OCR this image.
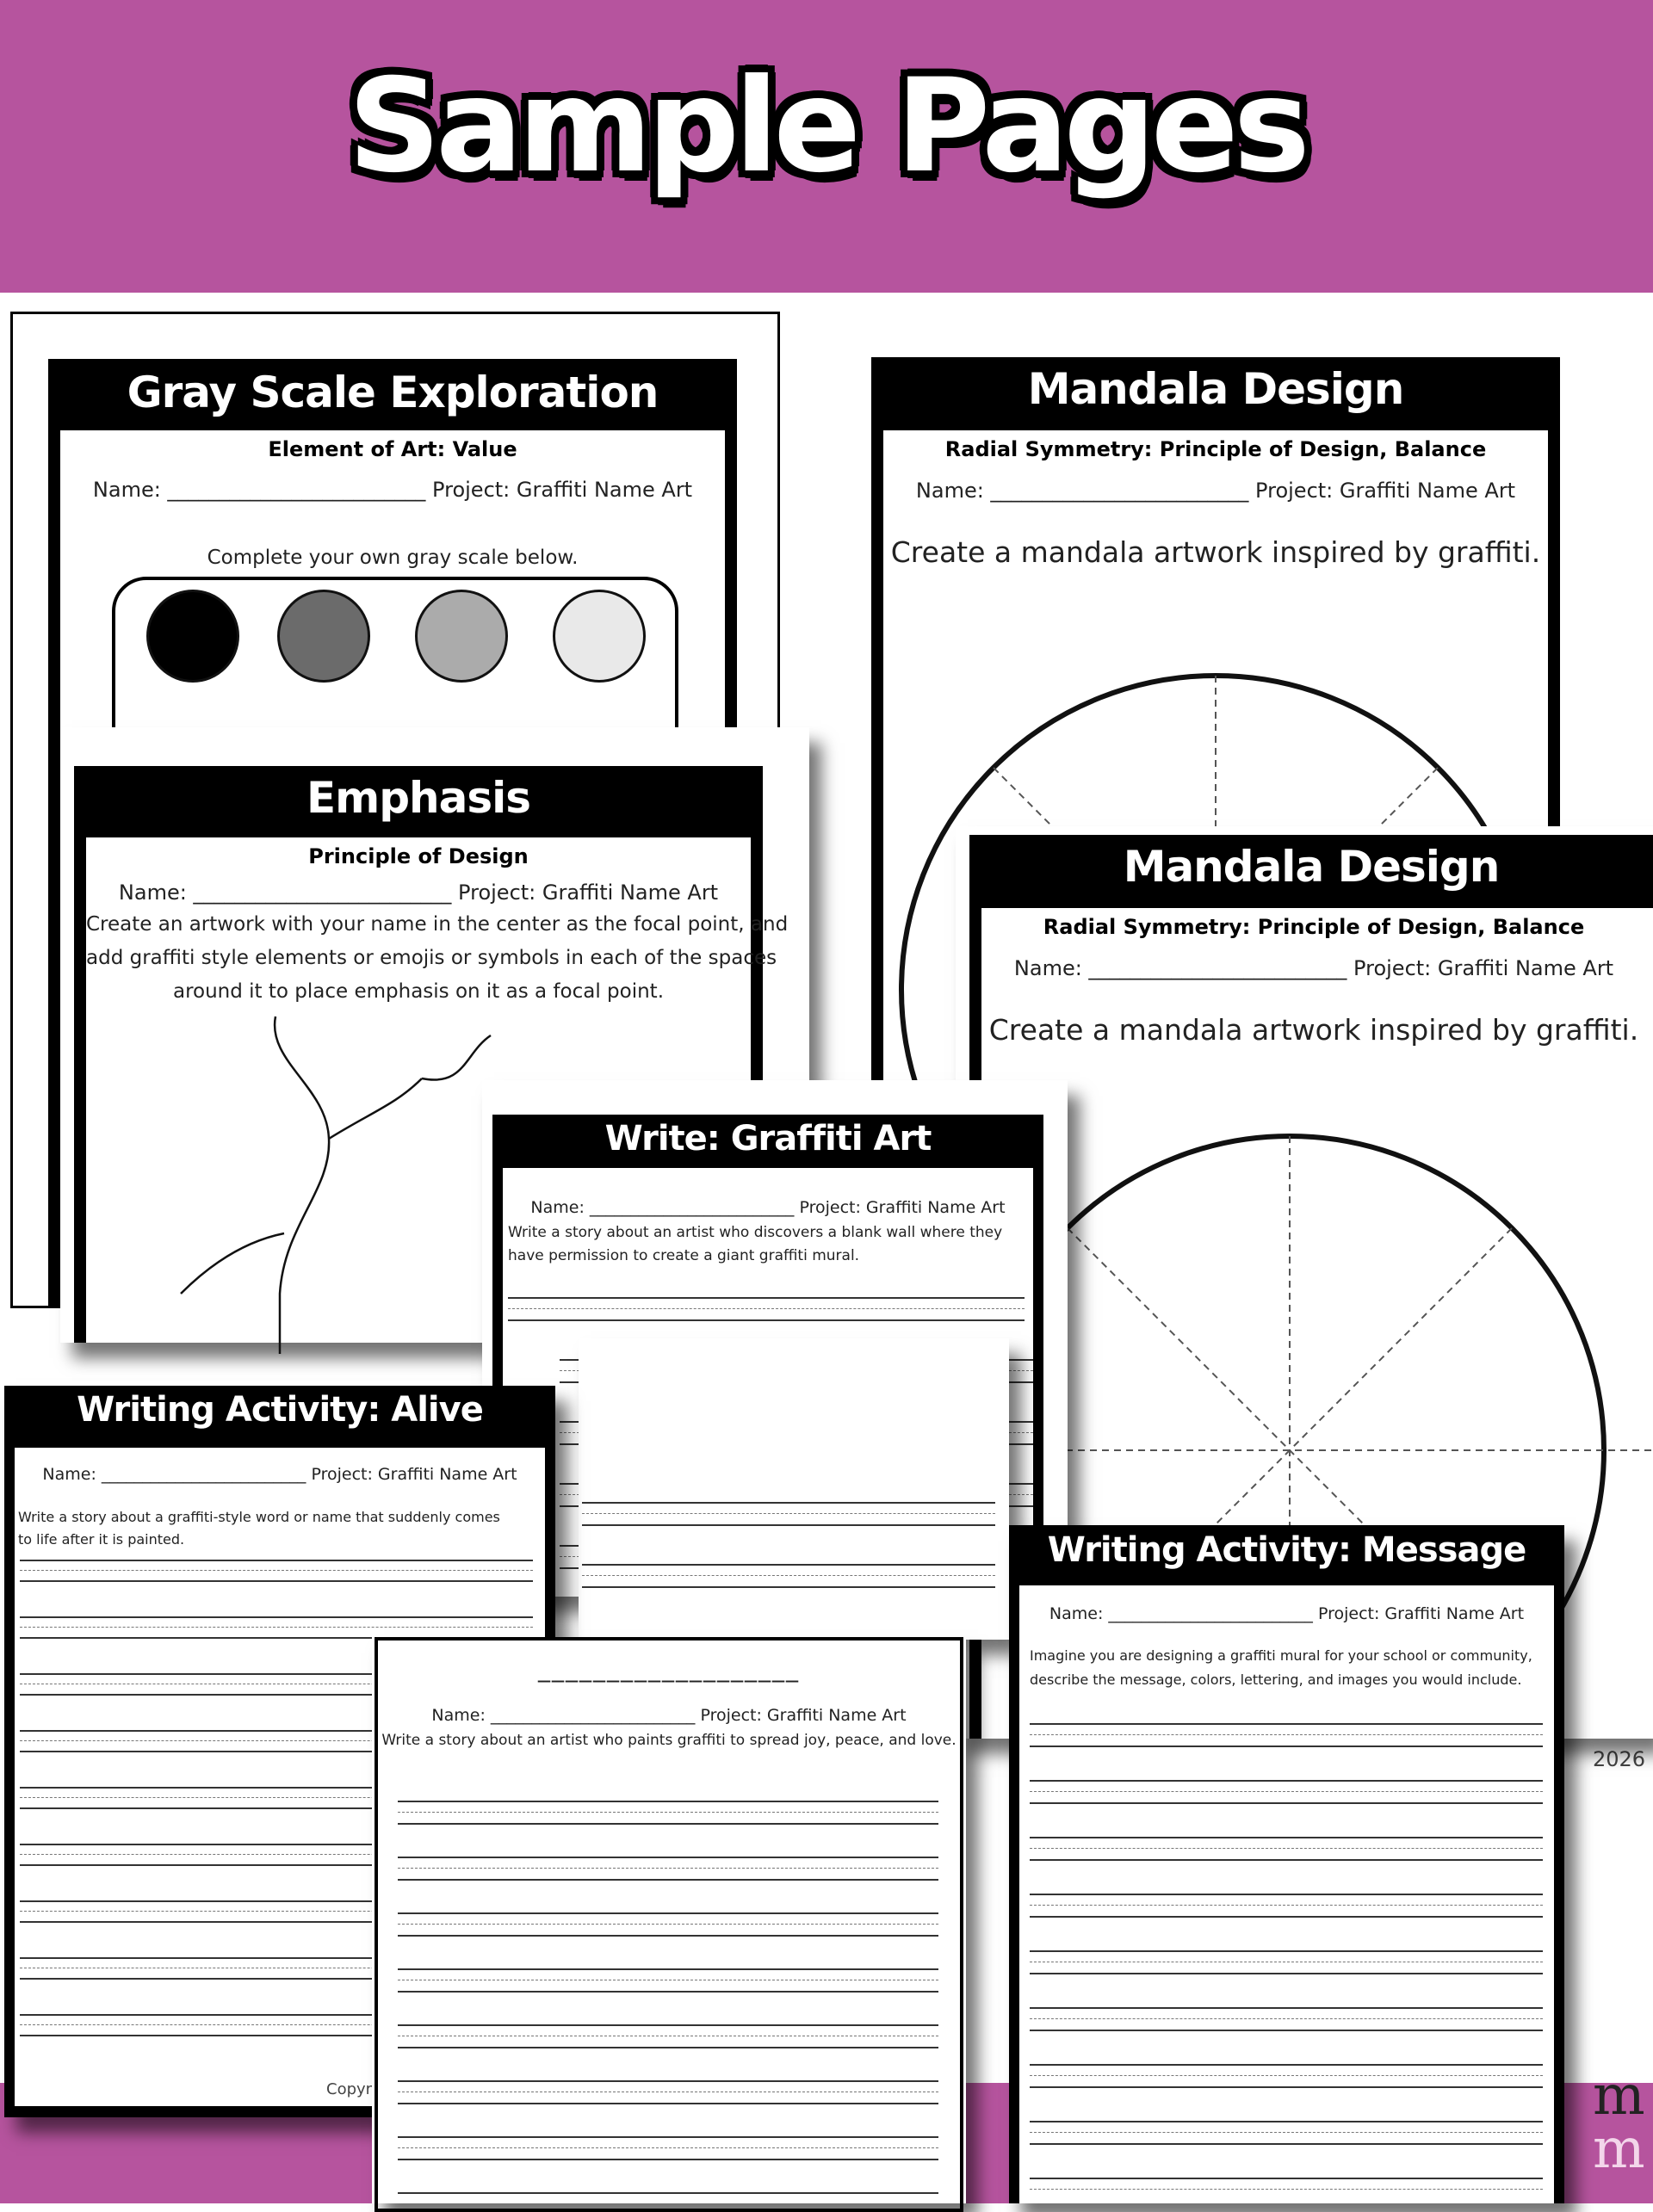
Sample Pages
m
m
Gray Scale Exploration
Element of Art: Value
Name: _________________________ Project: Graffiti Name Art
Complete your own gray scale below.
Mandala Design
Radial Symmetry: Principle of Design, Balance
Name: _________________________ Project: Graffiti Name Art
Create a mandala artwork inspired by graffiti.
2026
Mandala Design
Radial Symmetry: Principle of Design, Balance
Name: _________________________ Project: Graffiti Name Art
Create a mandala artwork inspired by graffiti.
Emphasis
Principle of Design
Name: _________________________ Project: Graffiti Name Art
Create an artwork with your name in the center as the focal point, and
add graffiti style elements or emojis or symbols in each of the spaces
around it to place emphasis on it as a focal point.
Write: Graffiti Art
Name: _________________________ Project: Graffiti Name Art
Write a story about an artist who discovers a blank wall where they have permission to create a giant graffiti mural.
Writing Activity: Alive
Name: _________________________ Project: Graffiti Name Art
Write a story about a graffiti-style word or name that suddenly comes to life after it is painted.
Copyr
___________________
Name: _________________________ Project: Graffiti Name Art
Write a story about an artist who paints graffiti to spread joy, peace, and love.
Writing Activity: Message
Name: _________________________ Project: Graffiti Name Art
Imagine you are designing a graffiti mural for your school or community, describe the message, colors, lettering, and images you would include.
